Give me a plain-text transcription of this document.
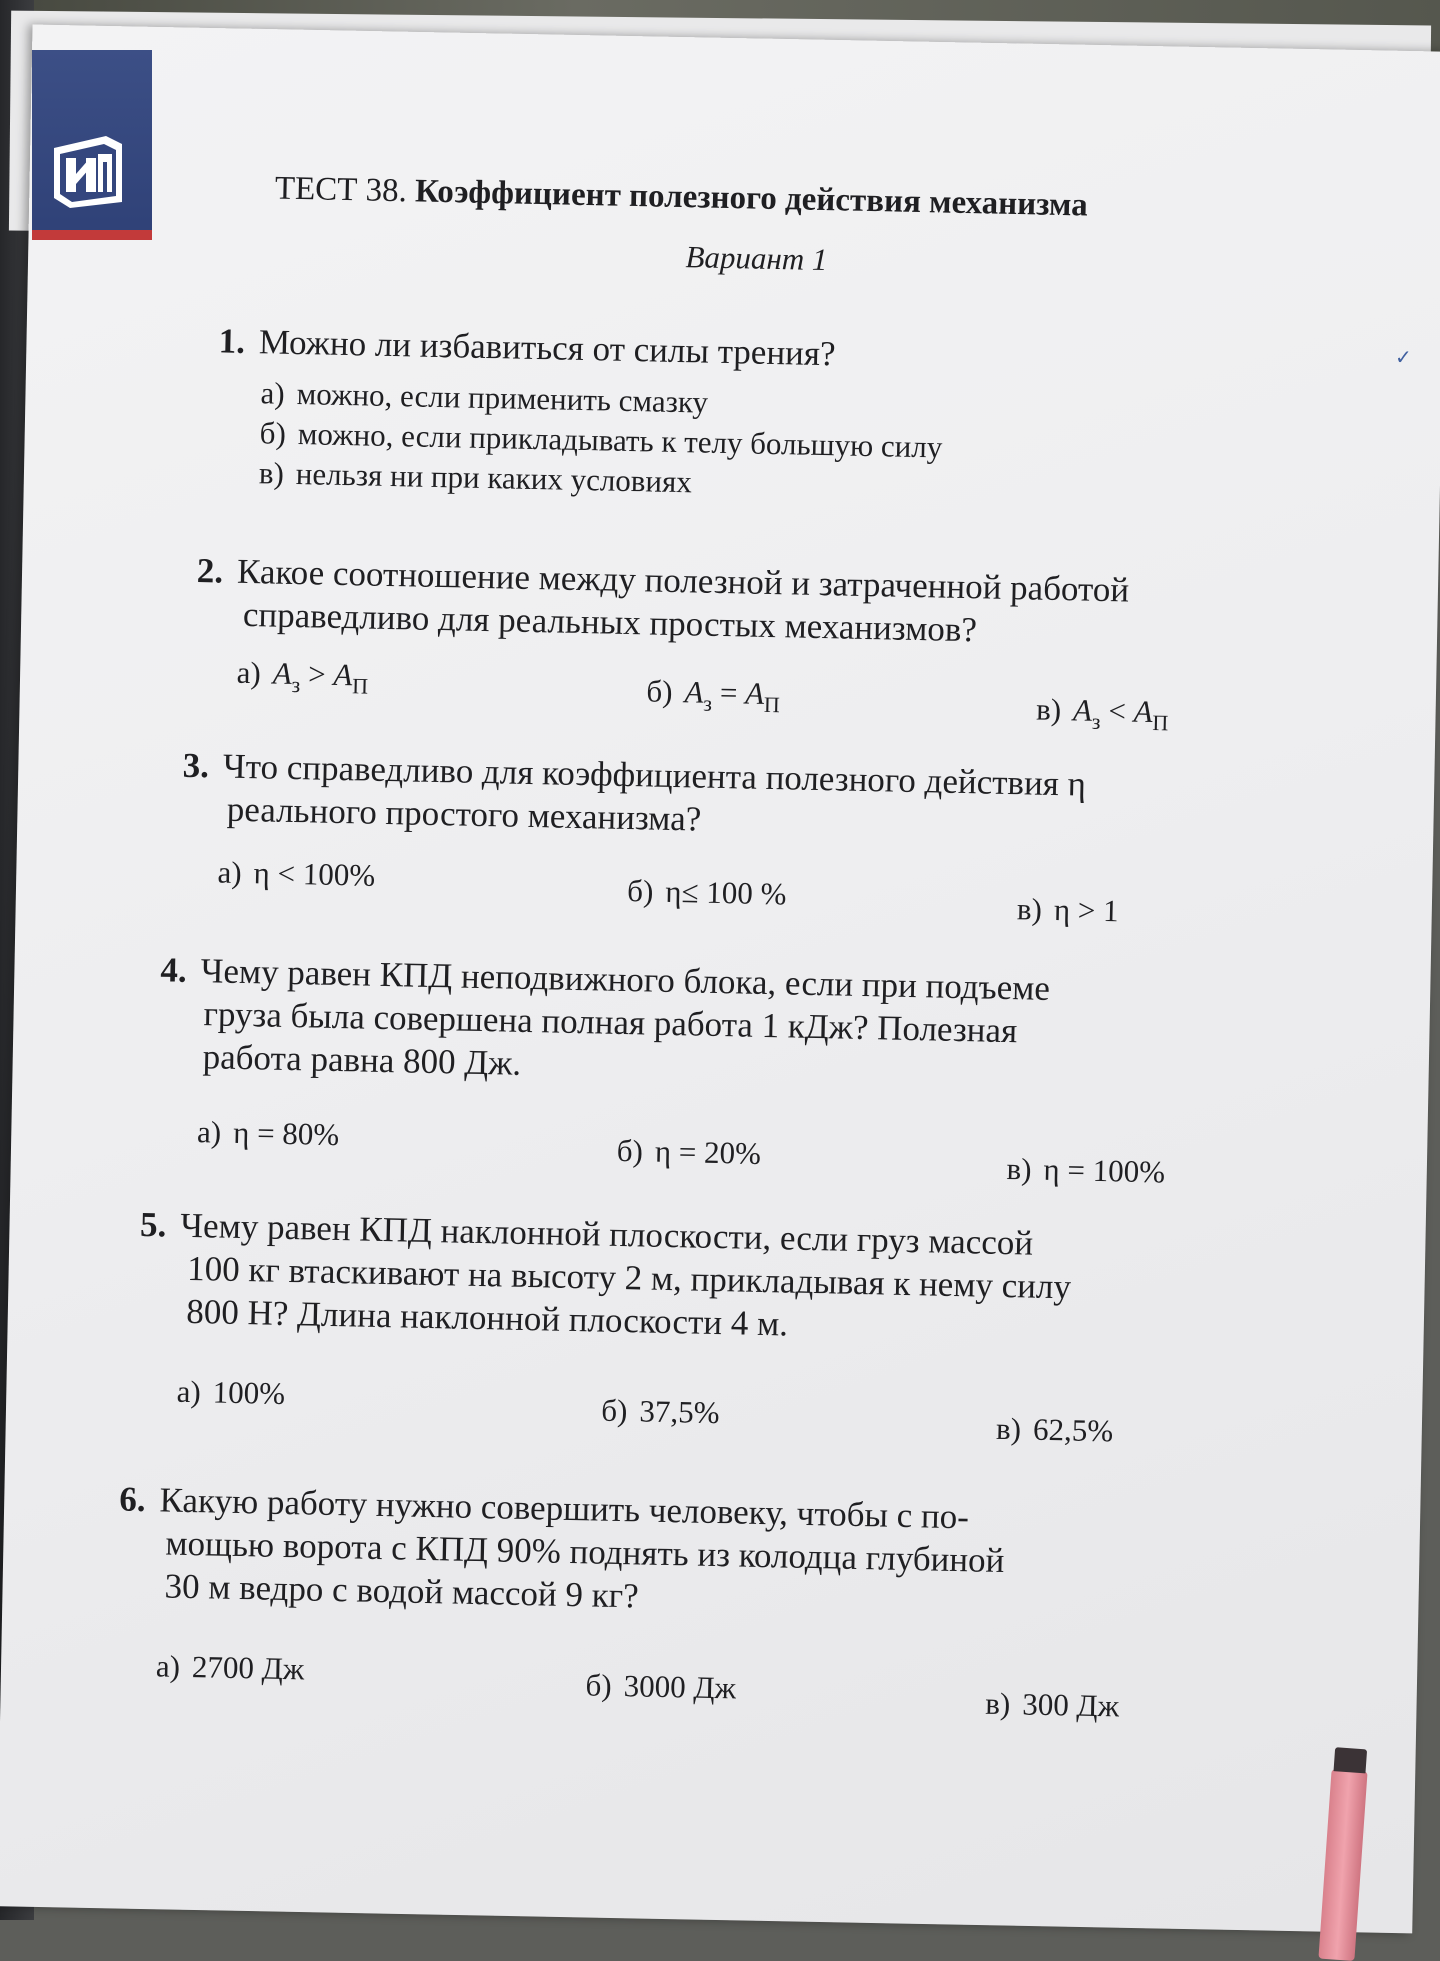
ТЕСТ 38. Коэффициент полезного действия механизма
Вариант 1
1. Можно ли избавиться от силы трения?
а) можно, если применить смазку
б) можно, если прикладывать к телу большую силу
в) нельзя ни при каких условиях
2. Какое соотношение между полезной и затраченной работой
справедливо для реальных простых механизмов?
а) $A_з > A_П$	б) $A_з = A_П$	в) $A_з < A_П$
3. Что справедливо для коэффициента полезного действия η
реального простого механизма?
а) η < 100%	б) η≤ 100 %	в) η > 1
4. Чему равен КПД неподвижного блока, если при подъеме
груза была совершена полная работа 1 кДж? Полезная
работа равна 800 Дж.
а) η = 80%	б) η = 20%	в) η = 100%
5. Чему равен КПД наклонной плоскости, если груз массой
100 кг втаскивают на высоту 2 м, прикладывая к нему силу
800 Н? Длина наклонной плоскости 4 м.
а) 100%	б) 37,5%	в) 62,5%
6. Какую работу нужно совершить человеку, чтобы с по-
мощью ворота с КПД 90% поднять из колодца глубиной
30 м ведро с водой массой 9 кг?
а) 2700 Дж	б) 3000 Дж	в) 300 Дж
✓
